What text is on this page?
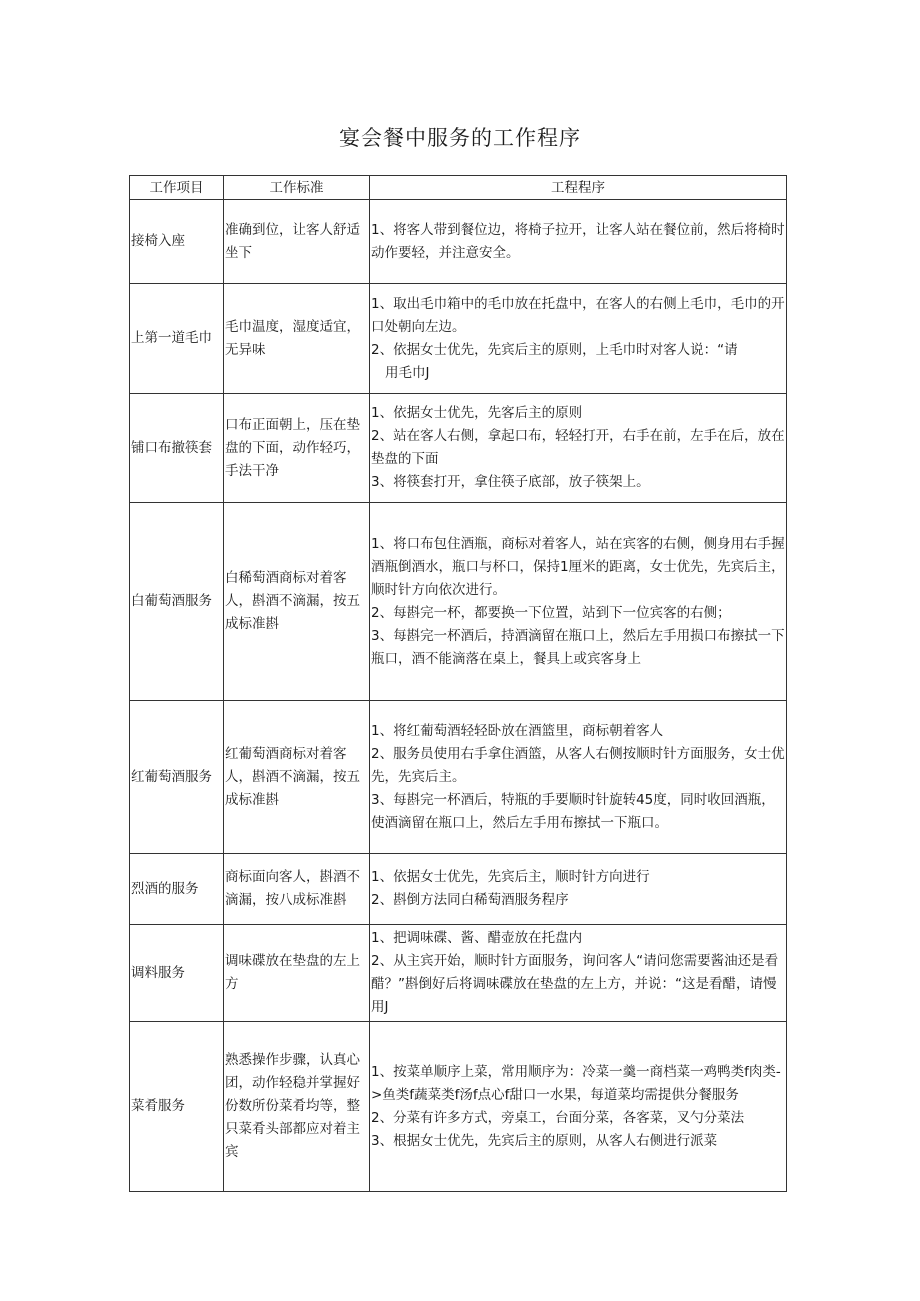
宴会餐中服务的工作程序
工作项目	工作标准	工程程序
接椅入座	准确到位，让客人舒适坐下	1、将客人带到餐位边，将椅子拉开，让客人站在餐位前，然后将椅时动作要轻，并注意安全。

上第一道毛巾	毛巾温度，湿度适宜，无异味	1、取出毛巾箱中的毛巾放在托盘中，在客人的右侧上毛巾，毛巾的开口处朝向左边。
2、依据女士优先，先宾后主的原则，上毛巾时对客人说：“请
用毛巾J

铺口布撤筷套	口布正面朝上，压在垫盘的下面，动作轻巧，手法干净	1、依据女士优先，先客后主的原则
2、站在客人右侧，拿起口布，轻轻打开，右手在前，左手在后，放在垫盘的下面
3、将筷套打开，拿住筷子底部，放子筷架上。

白葡萄酒服务	白稀萄酒商标对着客人，斟酒不滴漏，按五成标准斟	1、将口布包住酒瓶，商标对着客人，站在宾客的右侧，侧身用右手握酒瓶倒酒水，瓶口与杯口，保持1厘米的距离，女士优先，先宾后主，顺时针方向依次进行。
2、每斟完一杯，都要换一下位置，站到下一位宾客的右侧；
3、每斟完一杯酒后，持酒滴留在瓶口上，然后左手用损口布擦拭一下瓶口，酒不能滴落在桌上，餐具上或宾客身上

红葡萄酒服务	红葡萄酒商标对着客人，斟酒不滴漏，按五成标准斟	1、将红葡萄酒轻轻卧放在酒篮里，商标朝着客人
2、服务员使用右手拿住酒篮，从客人右侧按顺时针方面服务，女士优先，先宾后主。
3、每斟完一杯酒后，特瓶的手要顺时针旋转45度，同时收回酒瓶，使酒滴留在瓶口上，然后左手用布擦拭一下瓶口。

烈酒的服务	商标面向客人，斟酒不滴漏，按八成标准斟	1、依据女士优先，先宾后主，顺时针方向进行
2、斟倒方法同白稀萄酒服务程序

调料服务	调味碟放在垫盘的左上方	1、把调味碟、酱、醋壶放在托盘内
2、从主宾开始，顺时针方面服务，询问客人“请问您需要酱油还是看醋？”斟倒好后将调味碟放在垫盘的左上方，并说：“这是看醋，请慢用J

菜肴服务	熟悉操作步骤，认真心团，动作轻稳并掌握好份数所份菜肴均等，整只菜肴头部都应对着主宾	1、按菜单顺序上菜，常用顺序为：冷菜一羹一商档菜一鸡鸭类f肉类->鱼类f蔬菜类f汤f点心f甜口一水果，每道菜均需提供分餐服务
2、分菜有许多方式，旁桌工，台面分菜，各客菜，叉勺分菜法
3、根据女士优先，先宾后主的原则，从客人右侧进行派菜
